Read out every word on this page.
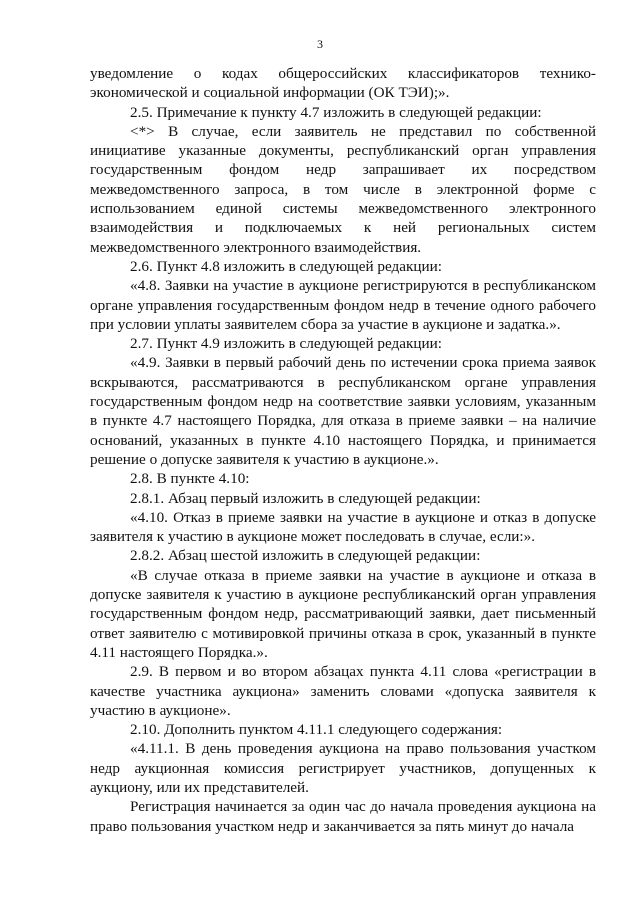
3

уведомление о кодах общероссийских классификаторов технико-экономической и социальной информации (ОК ТЭИ);».

2.5. Примечание к пункту 4.7 изложить в следующей редакции:

<*> В случае, если заявитель не представил по собственной инициативе указанные документы, республиканский орган управления государственным фондом недр запрашивает их посредством межведомственного запроса, в том числе в электронной форме с использованием единой системы межведомственного электронного взаимодействия и подключаемых к ней региональных систем межведомственного электронного взаимодействия.

2.6. Пункт 4.8 изложить в следующей редакции:

«4.8. Заявки на участие в аукционе регистрируются в республиканском органе управления государственным фондом недр в течение одного рабочего при условии уплаты заявителем сбора за участие в аукционе и задатка.».

2.7. Пункт 4.9 изложить в следующей редакции:

«4.9. Заявки в первый рабочий день по истечении срока приема заявок вскрываются, рассматриваются в республиканском органе управления государственным фондом недр на соответствие заявки условиям, указанным в пункте 4.7 настоящего Порядка, для отказа в приеме заявки – на наличие оснований, указанных в пункте 4.10 настоящего Порядка, и принимается решение о допуске заявителя к участию в аукционе.».

2.8. В пункте 4.10:

2.8.1. Абзац первый изложить в следующей редакции:

«4.10. Отказ в приеме заявки на участие в аукционе и отказ в допуске заявителя к участию в аукционе может последовать в случае, если:».

2.8.2. Абзац шестой изложить в следующей редакции:

«В случае отказа в приеме заявки на участие в аукционе и отказа в допуске заявителя к участию в аукционе республиканский орган управления государственным фондом недр, рассматривающий заявки, дает письменный ответ заявителю с мотивировкой причины отказа в срок, указанный в пункте 4.11 настоящего Порядка.».

2.9. В первом и во втором абзацах пункта 4.11 слова «регистрации в качестве участника аукциона» заменить словами «допуска заявителя к участию в аукционе».

2.10. Дополнить пунктом 4.11.1 следующего содержания:

«4.11.1. В день проведения аукциона на право пользования участком недр аукционная комиссия регистрирует участников, допущенных к аукциону, или их представителей.

Регистрация начинается за один час до начала проведения аукциона на право пользования участком недр и заканчивается за пять минут до начала
